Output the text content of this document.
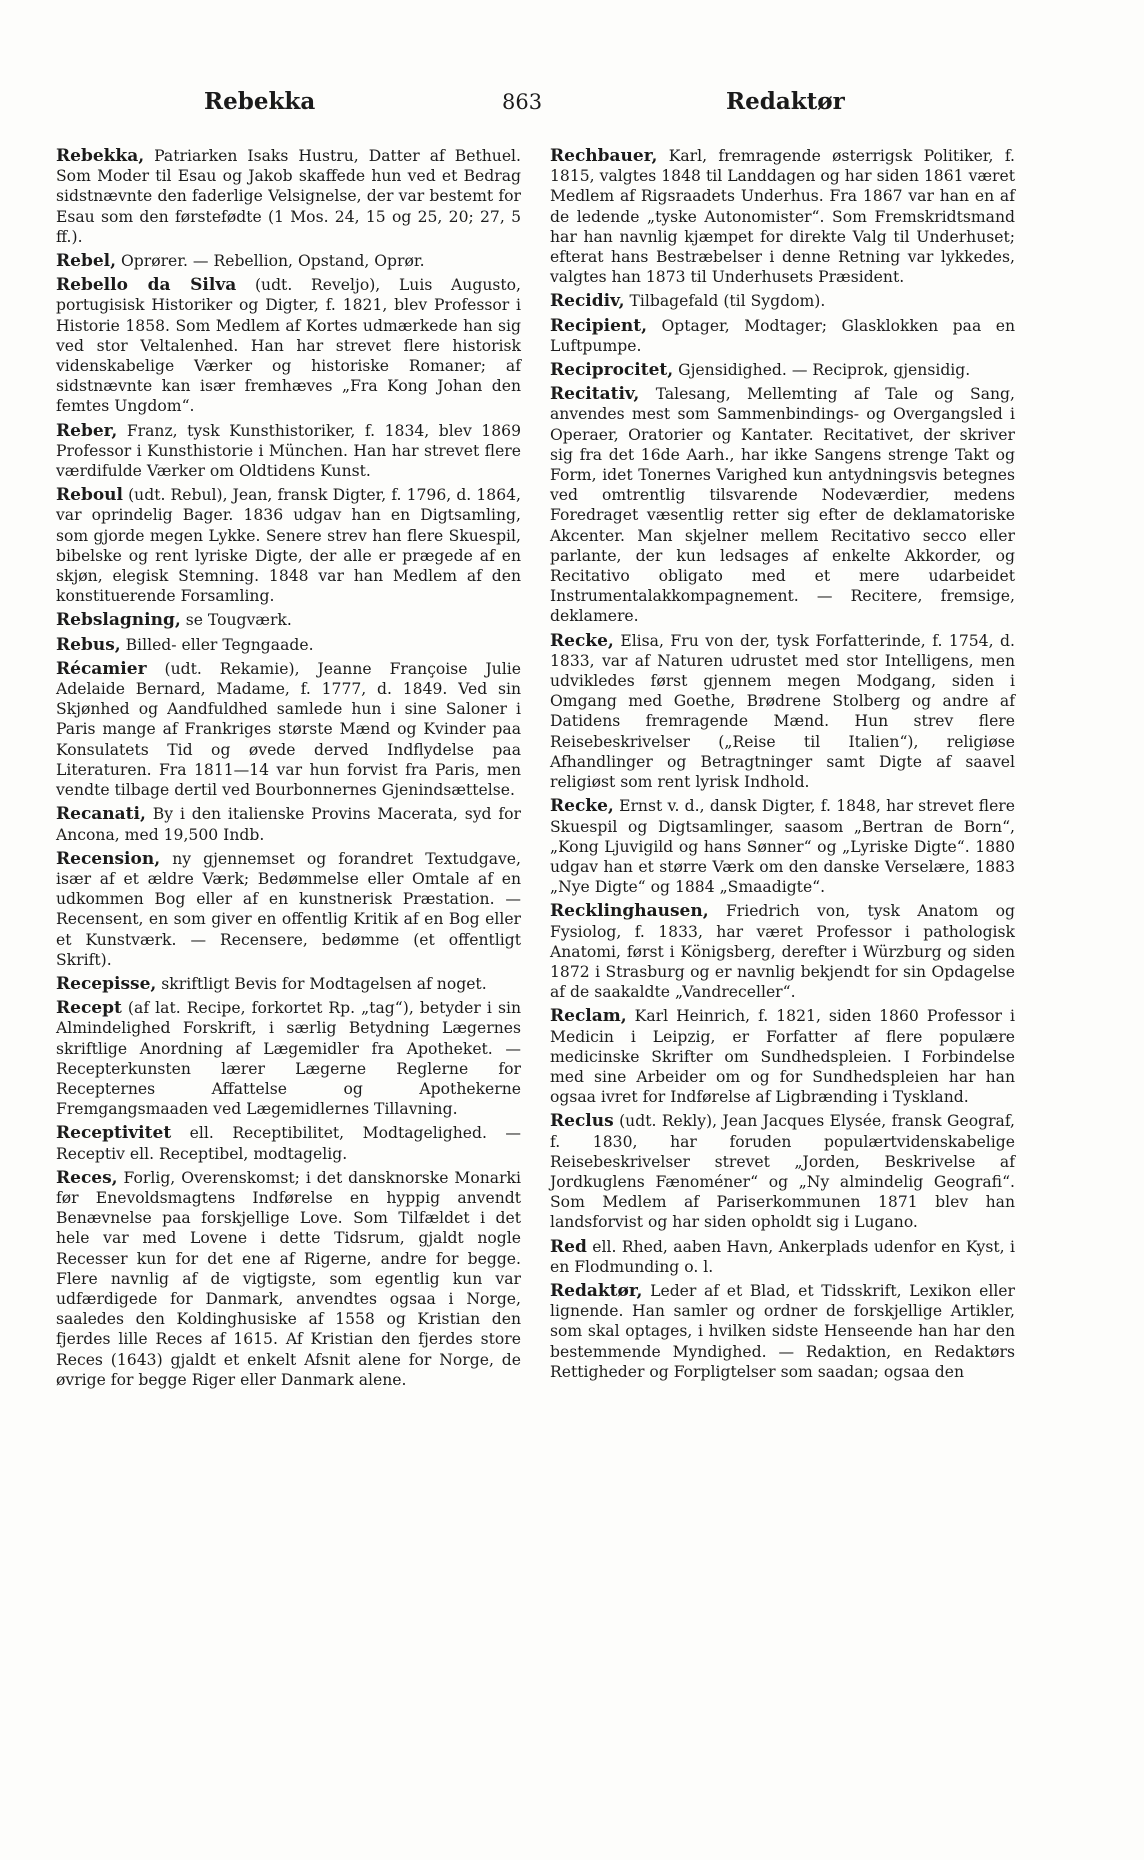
Rebekka	863	Redaktør

Rebekka, Patriarken Isaks Hustru, Datter af Bethuel. Som Moder til Esau og Jakob skaffede hun ved et Bedrag sidstnævnte den faderlige Velsignelse, der var bestemt for Esau som den førstefødte (1 Mos. 24, 15 og 25, 20; 27, 5 ff.).

Rebel, Oprører. — Rebellion, Opstand, Oprør.

Rebello da Silva (udt. Reveljo), Luis Augusto, portugisisk Historiker og Digter, f. 1821, blev Professor i Historie 1858. Som Medlem af Kortes udmærkede han sig ved stor Veltalenhed. Han har strevet flere historisk videnskabelige Værker og historiske Romaner; af sidstnævnte kan især fremhæves „Fra Kong Johan den femtes Ungdom“.

Reber, Franz, tysk Kunsthistoriker, f. 1834, blev 1869 Professor i Kunsthistorie i München. Han har strevet flere værdifulde Værker om Oldtidens Kunst.

Reboul (udt. Rebul), Jean, fransk Digter, f. 1796, d. 1864, var oprindelig Bager. 1836 udgav han en Digtsamling, som gjorde megen Lykke. Senere strev han flere Skuespil, bibelske og rent lyriske Digte, der alle er prægede af en skjøn, elegisk Stemning. 1848 var han Medlem af den konstituerende Forsamling.

Rebslagning, se Tougværk.

Rebus, Billed- eller Tegngaade.

Récamier (udt. Rekamie), Jeanne Françoise Julie Adelaide Bernard, Madame, f. 1777, d. 1849. Ved sin Skjønhed og Aandfuldhed samlede hun i sine Saloner i Paris mange af Frankriges største Mænd og Kvinder paa Konsulatets Tid og øvede derved Indflydelse paa Literaturen. Fra 1811—14 var hun forvist fra Paris, men vendte tilbage dertil ved Bourbonnernes Gjenindsættelse.

Recanati, By i den italienske Provins Macerata, syd for Ancona, med 19,500 Indb.

Recension, ny gjennemset og forandret Textudgave, især af et ældre Værk; Bedømmelse eller Omtale af en udkommen Bog eller af en kunstnerisk Præstation. — Recensent, en som giver en offentlig Kritik af en Bog eller et Kunstværk. — Recensere, bedømme (et offentligt Skrift).

Recepisse, skriftligt Bevis for Modtagelsen af noget.

Recept (af lat. Recipe, forkortet Rp. „tag“), betyder i sin Almindelighed Forskrift, i særlig Betydning Lægernes skriftlige Anordning af Lægemidler fra Apotheket. — Recepterkunsten lærer Lægerne Reglerne for Recepternes Affattelse og Apothekerne Fremgangsmaaden ved Lægemidlernes Tillavning.

Receptivitet ell. Receptibilitet, Modtagelighed. — Receptiv ell. Receptibel, modtagelig.

Reces, Forlig, Overenskomst; i det dansknorske Monarki før Enevoldsmagtens Indførelse en hyppig anvendt Benævnelse paa forskjellige Love. Som Tilfældet i det hele var med Lovene i dette Tidsrum, gjaldt nogle Recesser kun for det ene af Rigerne, andre for begge. Flere navnlig af de vigtigste, som egentlig kun var udfærdigede for Danmark, anvendtes ogsaa i Norge, saaledes den Koldinghusiske af 1558 og Kristian den fjerdes lille Reces af 1615. Af Kristian den fjerdes store Reces (1643) gjaldt et enkelt Afsnit alene for Norge, de øvrige for begge Riger eller Danmark alene.

Rechbauer, Karl, fremragende østerrigsk Politiker, f. 1815, valgtes 1848 til Landdagen og har siden 1861 været Medlem af Rigsraadets Underhus. Fra 1867 var han en af de ledende „tyske Autonomister“. Som Fremskridtsmand har han navnlig kjæmpet for direkte Valg til Underhuset; efterat hans Bestræbelser i denne Retning var lykkedes, valgtes han 1873 til Underhusets Præsident.

Recidiv, Tilbagefald (til Sygdom).

Recipient, Optager, Modtager; Glasklokken paa en Luftpumpe.

Reciprocitet, Gjensidighed. — Reciprok, gjensidig.

Recitativ, Talesang, Mellemting af Tale og Sang, anvendes mest som Sammenbindings- og Overgangsled i Operaer, Oratorier og Kantater. Recitativet, der skriver sig fra det 16de Aarh., har ikke Sangens strenge Takt og Form, idet Tonernes Varighed kun antydningsvis betegnes ved omtrentlig tilsvarende Nodeværdier, medens Foredraget væsentlig retter sig efter de deklamatoriske Akcenter. Man skjelner mellem Recitativo secco eller parlante, der kun ledsages af enkelte Akkorder, og Recitativo obligato med et mere udarbeidet Instrumentalakkompagnement. — Recitere, fremsige, deklamere.

Recke, Elisa, Fru von der, tysk Forfatterinde, f. 1754, d. 1833, var af Naturen udrustet med stor Intelligens, men udvikledes først gjennem megen Modgang, siden i Omgang med Goethe, Brødrene Stolberg og andre af Datidens fremragende Mænd. Hun strev flere Reisebeskrivelser („Reise til Italien“), religiøse Afhandlinger og Betragtninger samt Digte af saavel religiøst som rent lyrisk Indhold.

Recke, Ernst v. d., dansk Digter, f. 1848, har strevet flere Skuespil og Digtsamlinger, saasom „Bertran de Born“, „Kong Ljuvigild og hans Sønner“ og „Lyriske Digte“. 1880 udgav han et større Værk om den danske Verselære, 1883 „Nye Digte“ og 1884 „Smaadigte“.

Recklinghausen, Friedrich von, tysk Anatom og Fysiolog, f. 1833, har været Professor i pathologisk Anatomi, først i Königsberg, derefter i Würzburg og siden 1872 i Strasburg og er navnlig bekjendt for sin Opdagelse af de saakaldte „Vandreceller“.

Reclam, Karl Heinrich, f. 1821, siden 1860 Professor i Medicin i Leipzig, er Forfatter af flere populære medicinske Skrifter om Sundhedspleien. I Forbindelse med sine Arbeider om og for Sundhedspleien har han ogsaa ivret for Indførelse af Ligbrænding i Tyskland.

Reclus (udt. Rekly), Jean Jacques Elysée, fransk Geograf, f. 1830, har foruden populærtvidenskabelige Reisebeskrivelser strevet „Jorden, Beskrivelse af Jordkuglens Fænoméner“ og „Ny almindelig Geografi“. Som Medlem af Pariserkommunen 1871 blev han landsforvist og har siden opholdt sig i Lugano.

Red ell. Rhed, aaben Havn, Ankerplads udenfor en Kyst, i en Flodmunding o. l.

Redaktør, Leder af et Blad, et Tidsskrift, Lexikon eller lignende. Han samler og ordner de forskjellige Artikler, som skal optages, i hvilken sidste Henseende han har den bestemmende Myndighed. — Redaktion, en Redaktørs Rettigheder og Forpligtelser som saadan; ogsaa den
